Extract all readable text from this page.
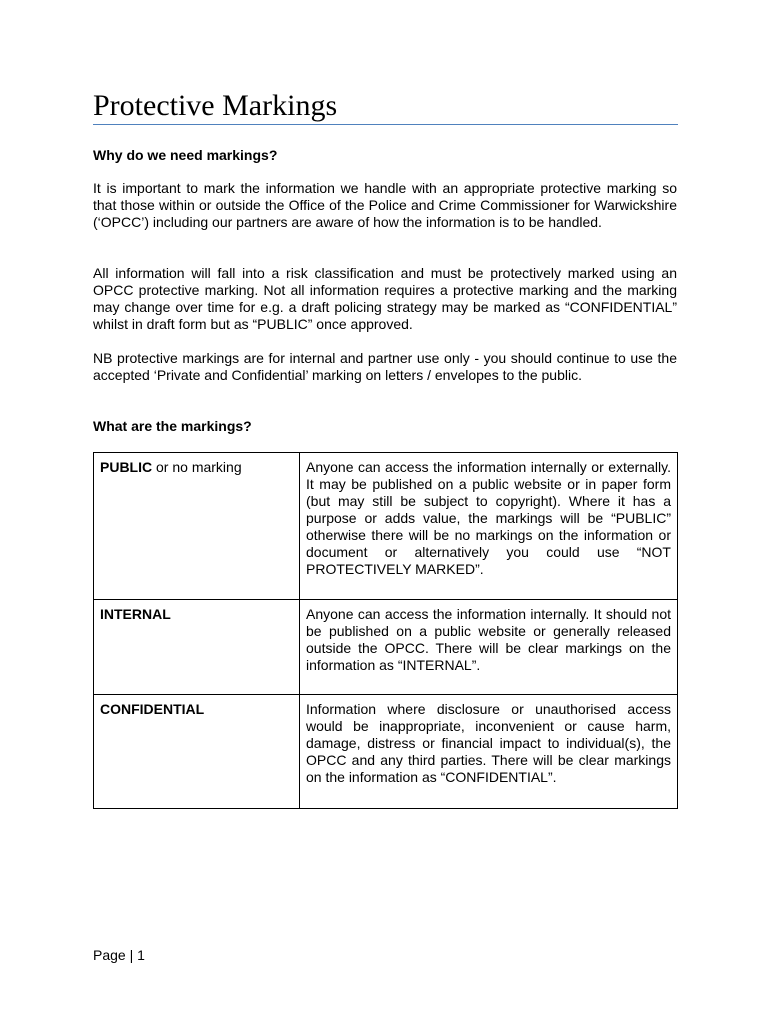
Protective Markings
Why do we need markings?

It is important to mark the information we handle with an appropriate protective marking so that those within or outside the Office of the Police and Crime Commissioner for Warwickshire (‘OPCC’) including our partners are aware of how the information is to be handled.

All information will fall into a risk classification and must be protectively marked using an OPCC protective marking. Not all information requires a protective marking and the marking may change over time for e.g. a draft policing strategy may be marked as “CONFIDENTIAL” whilst in draft form but as “PUBLIC” once approved.

NB protective markings are for internal and partner use only - you should continue to use the accepted ‘Private and Confidential’ marking on letters / envelopes to the public.

What are the markings?
PUBLIC or no marking	Anyone can access the information internally or externally. It may be published on a public website or in paper form (but may still be subject to copyright). Where it has a purpose or adds value, the markings will be “PUBLIC” otherwise there will be no markings on the information or document or alternatively you could use “NOT PROTECTIVELY MARKED”.
INTERNAL	Anyone can access the information internally. It should not be published on a public website or generally released outside the OPCC. There will be clear markings on the information as “INTERNAL”.
CONFIDENTIAL	Information where disclosure or unauthorised access would be inappropriate, inconvenient or cause harm, damage, distress or financial impact to individual(s), the OPCC and any third parties. There will be clear markings on the information as “CONFIDENTIAL”.
Page | 1
